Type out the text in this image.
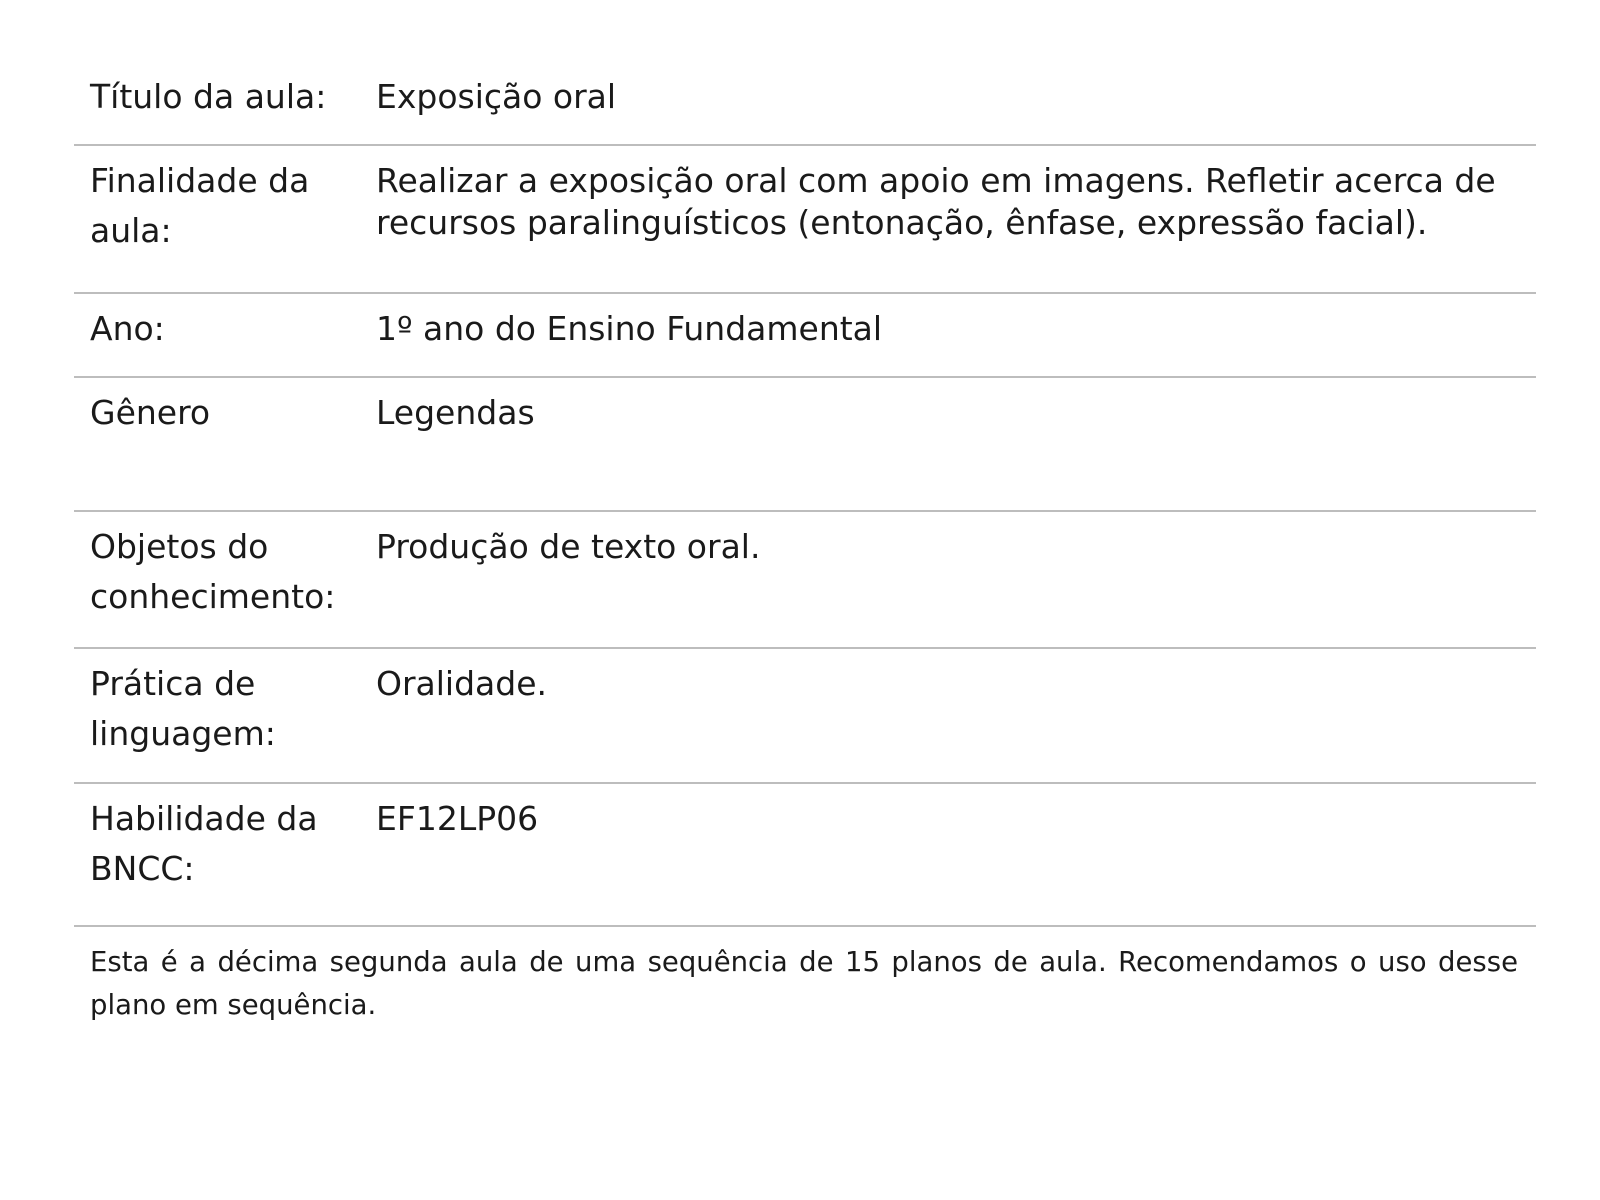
Título da aula:	Exposição oral
Finalidade da aula:
Realizar a exposição oral com apoio em imagens. Refletir acerca de recursos paralinguísticos (entonação, ênfase, expressão facial).
Ano:	1º ano do Ensino Fundamental
Gênero	Legendas
Objetos do conhecimento:
Produção de texto oral.
Prática de linguagem:
Oralidade.
Habilidade da BNCC:
EF12LP06
Esta é a décima segunda aula de uma sequência de 15 planos de aula. Recomendamos o uso desse plano em sequência.
